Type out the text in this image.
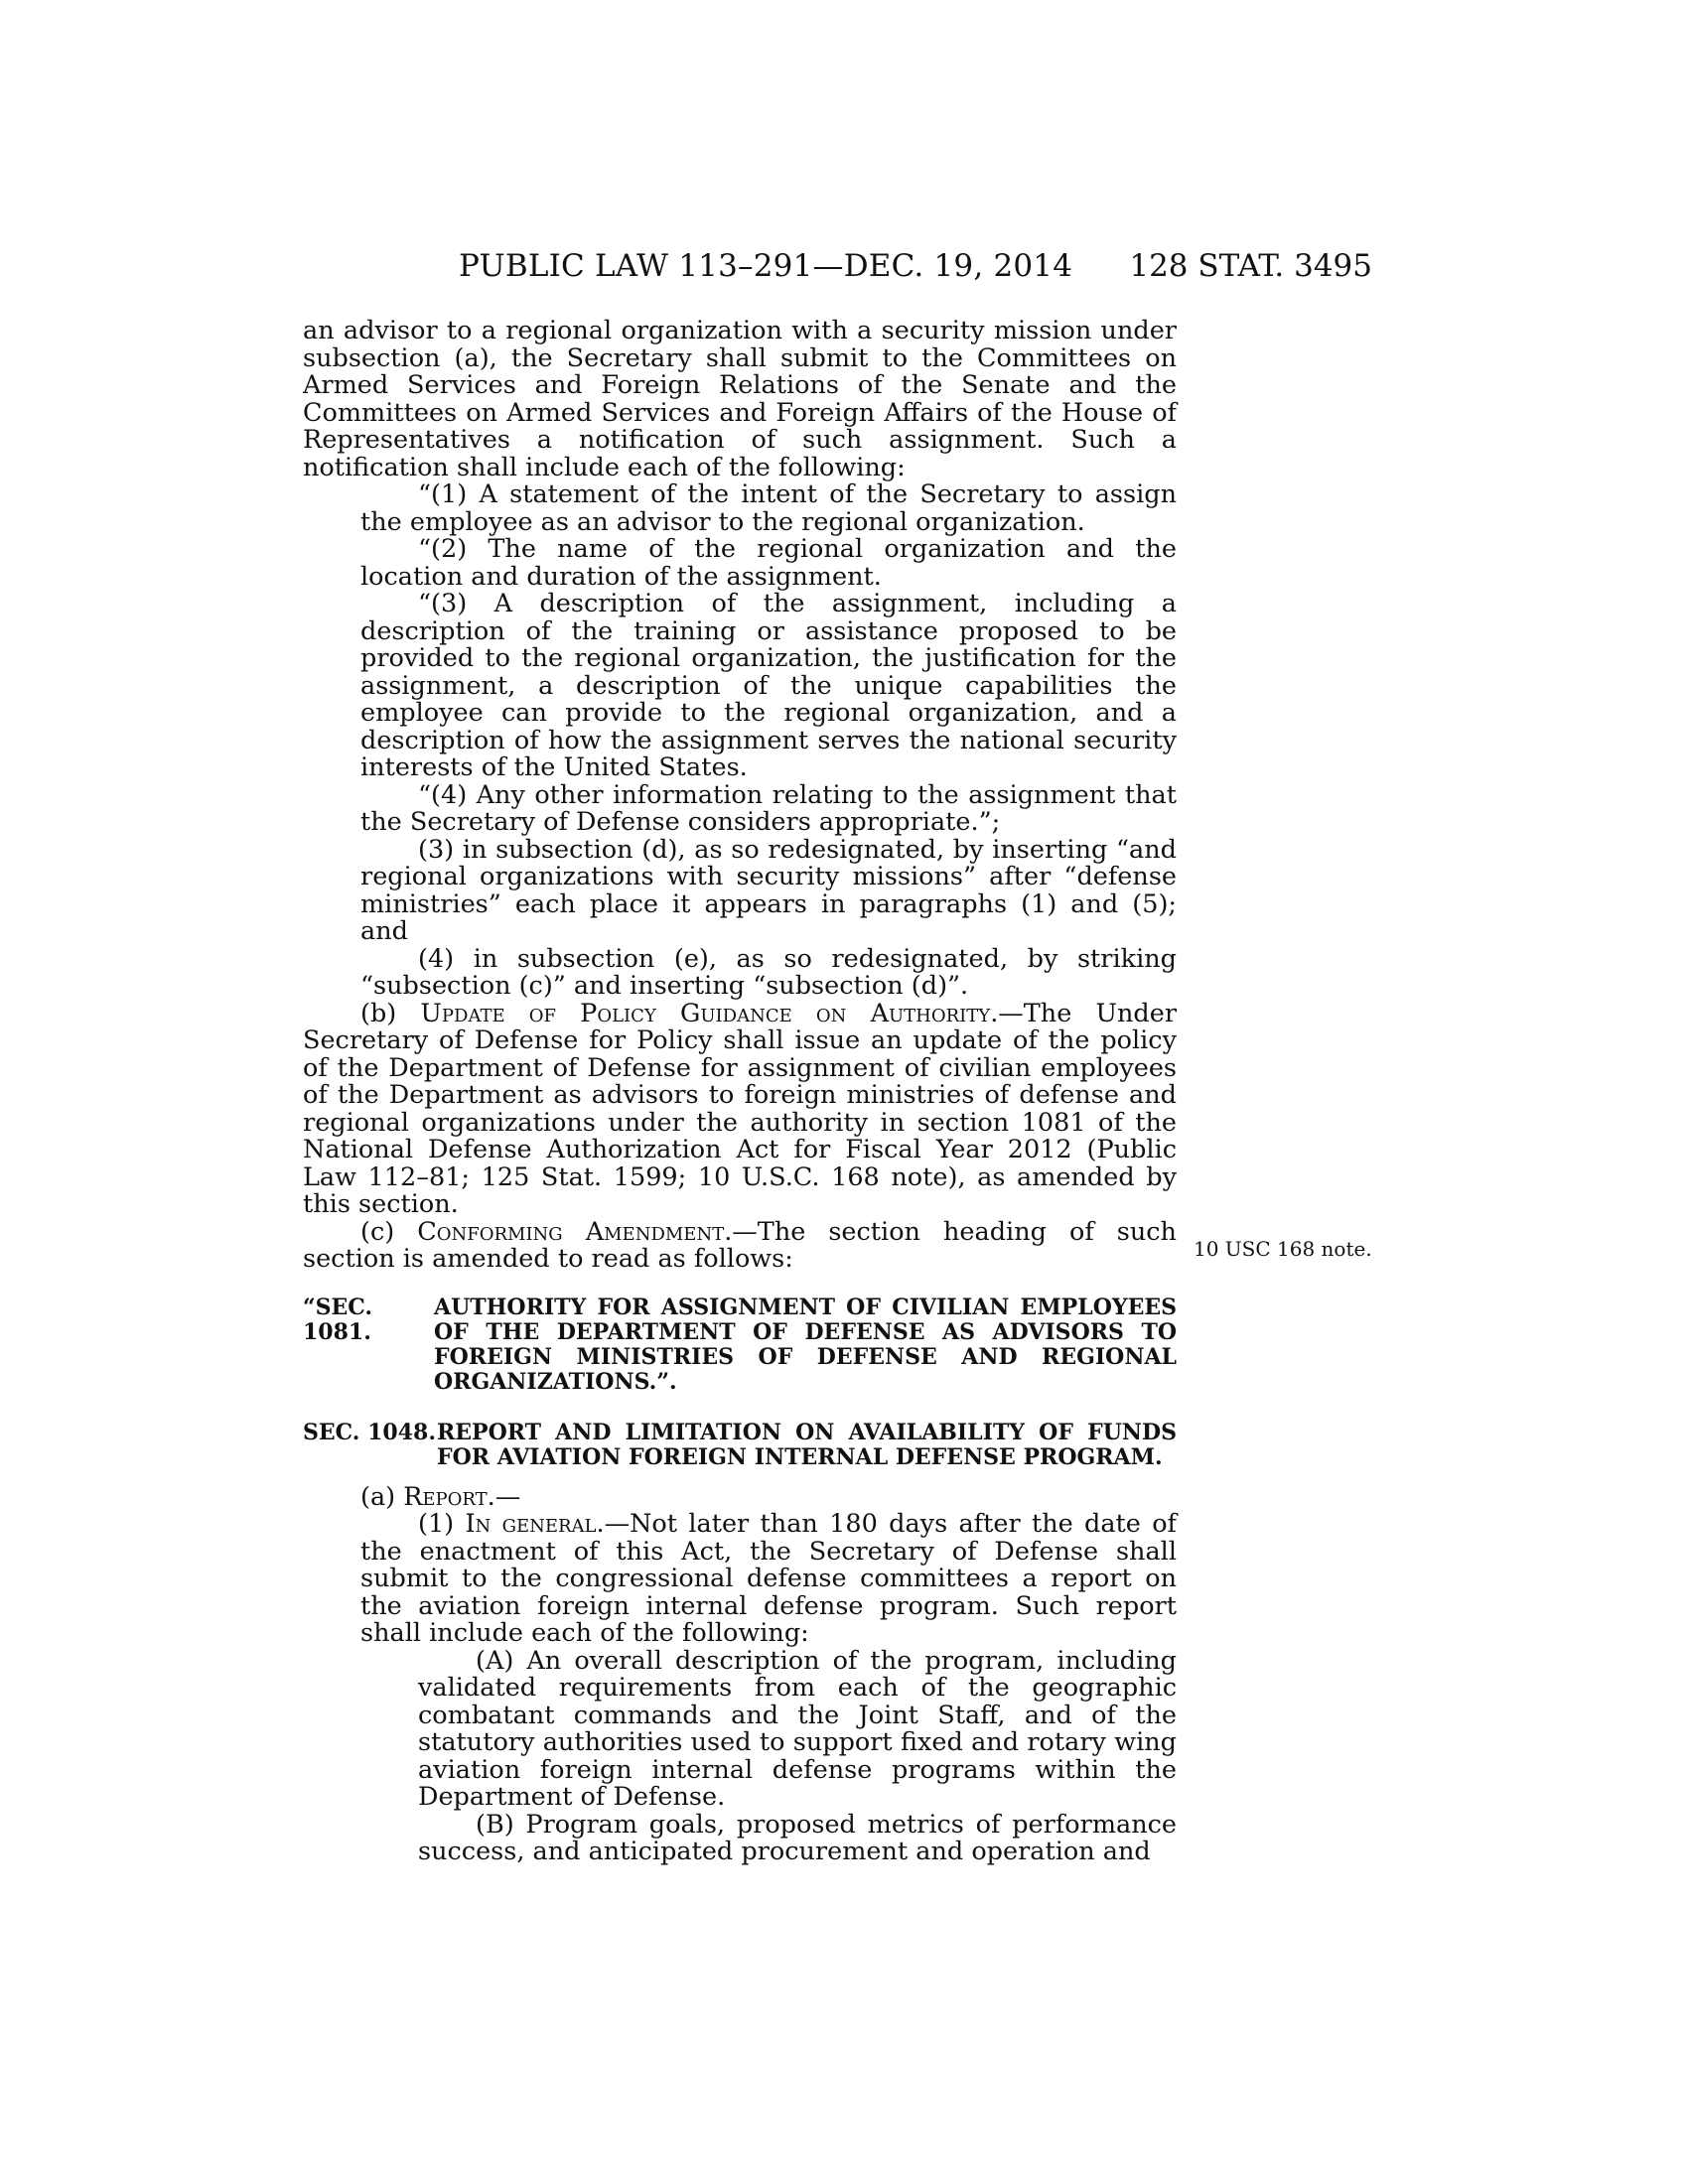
PUBLIC LAW 113–291—DEC. 19, 2014 128 STAT. 3495
10 USC 168 note.

an advisor to a regional organization with a security mission under subsection (a), the Secretary shall submit to the Committees on Armed Services and Foreign Relations of the Senate and the Committees on Armed Services and Foreign Affairs of the House of Representatives a notification of such assignment. Such a notification shall include each of the following:

“(1) A statement of the intent of the Secretary to assign the employee as an advisor to the regional organization.

“(2) The name of the regional organization and the location and duration of the assignment.

“(3) A description of the assignment, including a description of the training or assistance proposed to be provided to the regional organization, the justification for the assignment, a description of the unique capabilities the employee can provide to the regional organization, and a description of how the assignment serves the national security interests of the United States.

“(4) Any other information relating to the assignment that the Secretary of Defense considers appropriate.”;

(3) in subsection (d), as so redesignated, by inserting “and regional organizations with security missions” after “defense ministries” each place it appears in paragraphs (1) and (5); and

(4) in subsection (e), as so redesignated, by striking “subsection (c)” and inserting “subsection (d)”.

(b) Update of Policy Guidance on Authority.—The Under Secretary of Defense for Policy shall issue an update of the policy of the Department of Defense for assignment of civilian employees of the Department as advisors to foreign ministries of defense and regional organizations under the authority in section 1081 of the National Defense Authorization Act for Fiscal Year 2012 (Public Law 112–81; 125 Stat. 1599; 10 U.S.C. 168 note), as amended by this section.

(c) Conforming Amendment.—The section heading of such section is amended to read as follows:

“SEC. 1081.
AUTHORITY FOR ASSIGNMENT OF CIVILIAN EMPLOYEES OF THE DEPARTMENT OF DEFENSE AS ADVISORS TO FOREIGN MINISTRIES OF DEFENSE AND REGIONAL ORGANIZATIONS.”.
SEC. 1048. REPORT AND LIMITATION ON AVAILABILITY OF FUNDS FOR AVIATION FOREIGN INTERNAL DEFENSE PROGRAM.

(a) Report.—

(1) In general.—Not later than 180 days after the date of the enactment of this Act, the Secretary of Defense shall submit to the congressional defense committees a report on the aviation foreign internal defense program. Such report shall include each of the following:

(A) An overall description of the program, including validated requirements from each of the geographic combatant commands and the Joint Staff, and of the statutory authorities used to support fixed and rotary wing aviation foreign internal defense programs within the Department of Defense.

(B) Program goals, proposed metrics of performance success, and anticipated procurement and operation and
